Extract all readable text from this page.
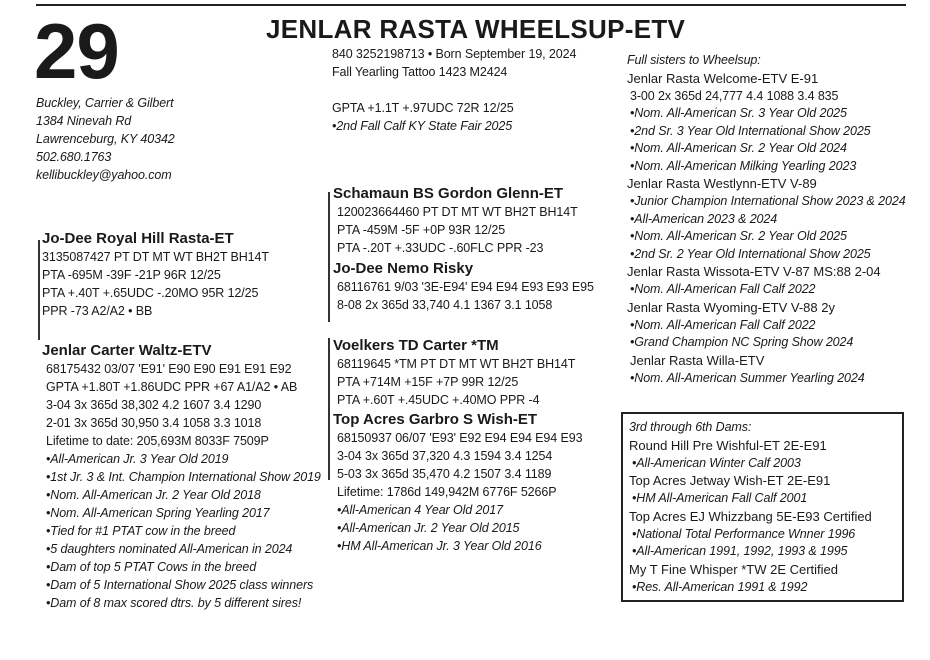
29	JENLAR RASTA WHEELSUP-ETV
Buckley, Carrier & Gilbert
1384 Ninevah Rd
Lawrenceburg, KY 40342
502.680.1763
kellibuckley@yahoo.com
840 3252198713 • Born September 19, 2024
Fall Yearling Tattoo 1423 M2424
GPTA +1.1T +.97UDC 72R 12/25
•2nd Fall Calf KY State Fair 2025
Jo-Dee Royal Hill Rasta-ET
3135087427 PT DT MT WT BH2T BH14T
PTA -695M -39F -21P 96R 12/25
PTA +.40T +.65UDC -.20MO 95R 12/25
PPR -73 A2/A2 • BB
Jenlar Carter Waltz-ETV
68175432 03/07 'E91' E90 E90 E91 E91 E92
GPTA +1.80T +1.86UDC PPR +67 A1/A2 • AB
3-04 3x 365d 38,302 4.2 1607 3.4 1290
2-01 3x 365d 30,950 3.4 1058 3.3 1018
Lifetime to date: 205,693M 8033F 7509P
•All-American Jr. 3 Year Old 2019
•1st Jr. 3 & Int. Champion International Show 2019
•Nom. All-American Jr. 2 Year Old 2018
•Nom. All-American Spring Yearling 2017
•Tied for #1 PTAT cow in the breed
•5 daughters nominated All-American in 2024
•Dam of top 5 PTAT Cows in the breed
•Dam of 5 International Show 2025 class winners
•Dam of 8 max scored dtrs. by 5 different sires!
Schamaun BS Gordon Glenn-ET
120023664460 PT DT MT WT BH2T BH14T
PTA -459M -5F +0P 93R 12/25
PTA -.20T +.33UDC -.60FLC PPR -23
Jo-Dee Nemo Risky
68116761 9/03 '3E-E94' E94 E94 E93 E93 E95
8-08 2x 365d 33,740 4.1 1367 3.1 1058
Voelkers TD Carter *TM
68119645 *TM PT DT MT WT BH2T BH14T
PTA +714M +15F +7P 99R 12/25
PTA +.60T +.45UDC +.40MO PPR -4
Top Acres Garbro S Wish-ET
68150937 06/07 'E93' E92 E94 E94 E94 E93
3-04 3x 365d 37,320 4.3 1594 3.4 1254
5-03 3x 365d 35,470 4.2 1507 3.4 1189
Lifetime: 1786d 149,942M 6776F 5266P
•All-American 4 Year Old 2017
•All-American Jr. 2 Year Old 2015
•HM All-American Jr. 3 Year Old 2016
Full sisters to Wheelsup:
Jenlar Rasta Welcome-ETV E-91
3-00 2x 365d 24,777 4.4 1088 3.4 835
•Nom. All-American Sr. 3 Year Old 2025
•2nd Sr. 3 Year Old International Show 2025
•Nom. All-American Sr. 2 Year Old 2024
•Nom. All-American Milking Yearling 2023
Jenlar Rasta Westlynn-ETV V-89
•Junior Champion International Show 2023 & 2024
•All-American 2023 & 2024
•Nom. All-American Sr. 2 Year Old 2025
•2nd Sr. 2 Year Old International Show 2025
Jenlar Rasta Wissota-ETV V-87 MS:88 2-04
•Nom. All-American Fall Calf 2022
Jenlar Rasta Wyoming-ETV V-88 2y
•Nom. All-American Fall Calf 2022
•Grand Champion NC Spring Show 2024
Jenlar Rasta Willa-ETV
•Nom. All-American Summer Yearling 2024
3rd through 6th Dams:
Round Hill Pre Wishful-ET 2E-E91
•All-American Winter Calf 2003
Top Acres Jetway Wish-ET 2E-E91
•HM All-American Fall Calf 2001
Top Acres EJ Whizzbang 5E-E93 Certified
•National Total Performance Wnner 1996
•All-American 1991, 1992, 1993 & 1995
My T Fine Whisper *TW 2E Certified
•Res. All-American 1991 & 1992
